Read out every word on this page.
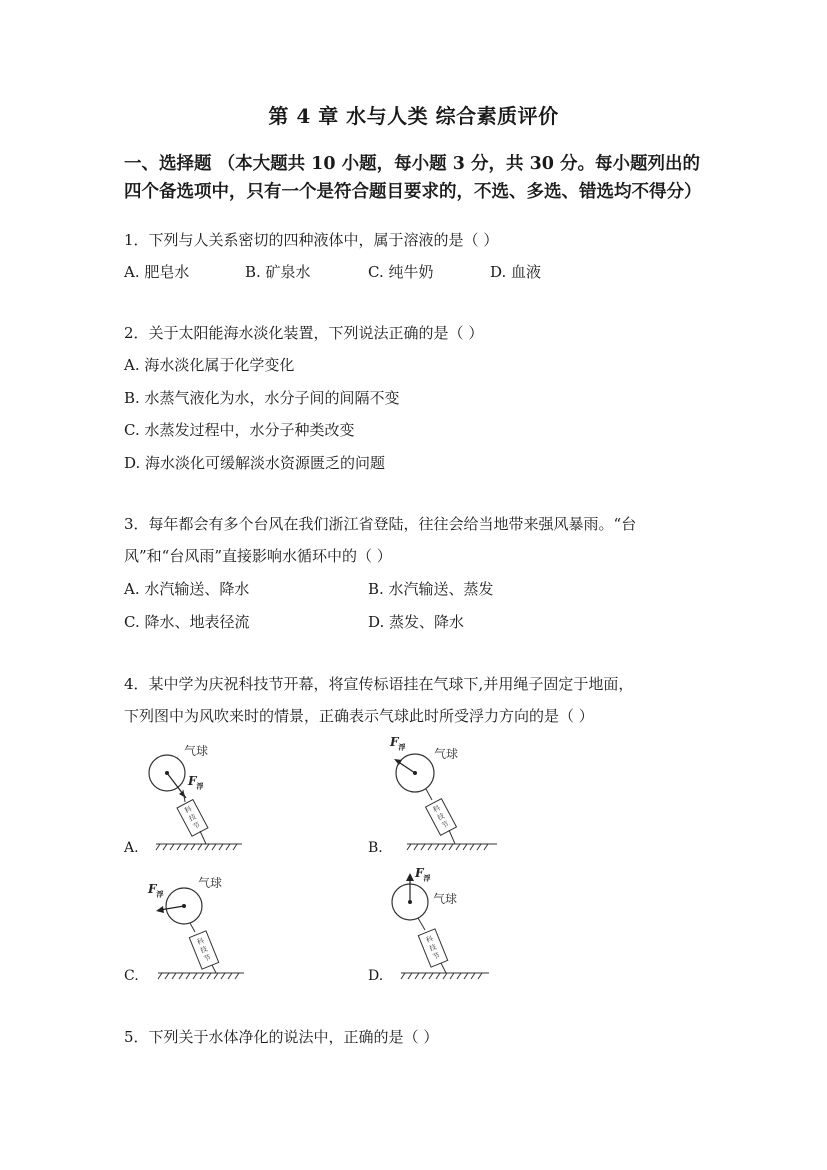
第 4 章 水与人类 综合素质评价
一、选择题 （本大题共 10 小题，每小题 3 分，共 30 分。每小题列出的四个备选项中，只有一个是符合题目要求的，不选、多选、错选均不得分）
1．下列与人关系密切的四种液体中，属于溶液的是（ ）
A. 肥皂水	B. 矿泉水	C. 纯牛奶	D. 血液
2．关于太阳能海水淡化装置，下列说法正确的是（ ）
A. 海水淡化属于化学变化
B. 水蒸气液化为水，水分子间的间隔不变
C. 水蒸发过程中，水分子种类改变
D. 海水淡化可缓解淡水资源匮乏的问题
3．每年都会有多个台风在我们浙江省登陆，往往会给当地带来强风暴雨。“台
风”和“台风雨”直接影响水循环中的（ ）
A. 水汽输送、降水	B. 水汽输送、蒸发
C. 降水、地表径流	D. 蒸发、降水
4．某中学为庆祝科技节开幕，将宣传标语挂在气球下,并用绳子固定于地面，
下列图中为风吹来时的情景，正确表示气球此时所受浮力方向的是（ ）
A.
科
技
节
气球
$F_浮$
B.
科
技
节
气球
$F_浮$
C.
科
技
节
气球
$F_浮$
D.
科
技
节
气球
$F_浮$
5．下列关于水体净化的说法中，正确的是（ ）
